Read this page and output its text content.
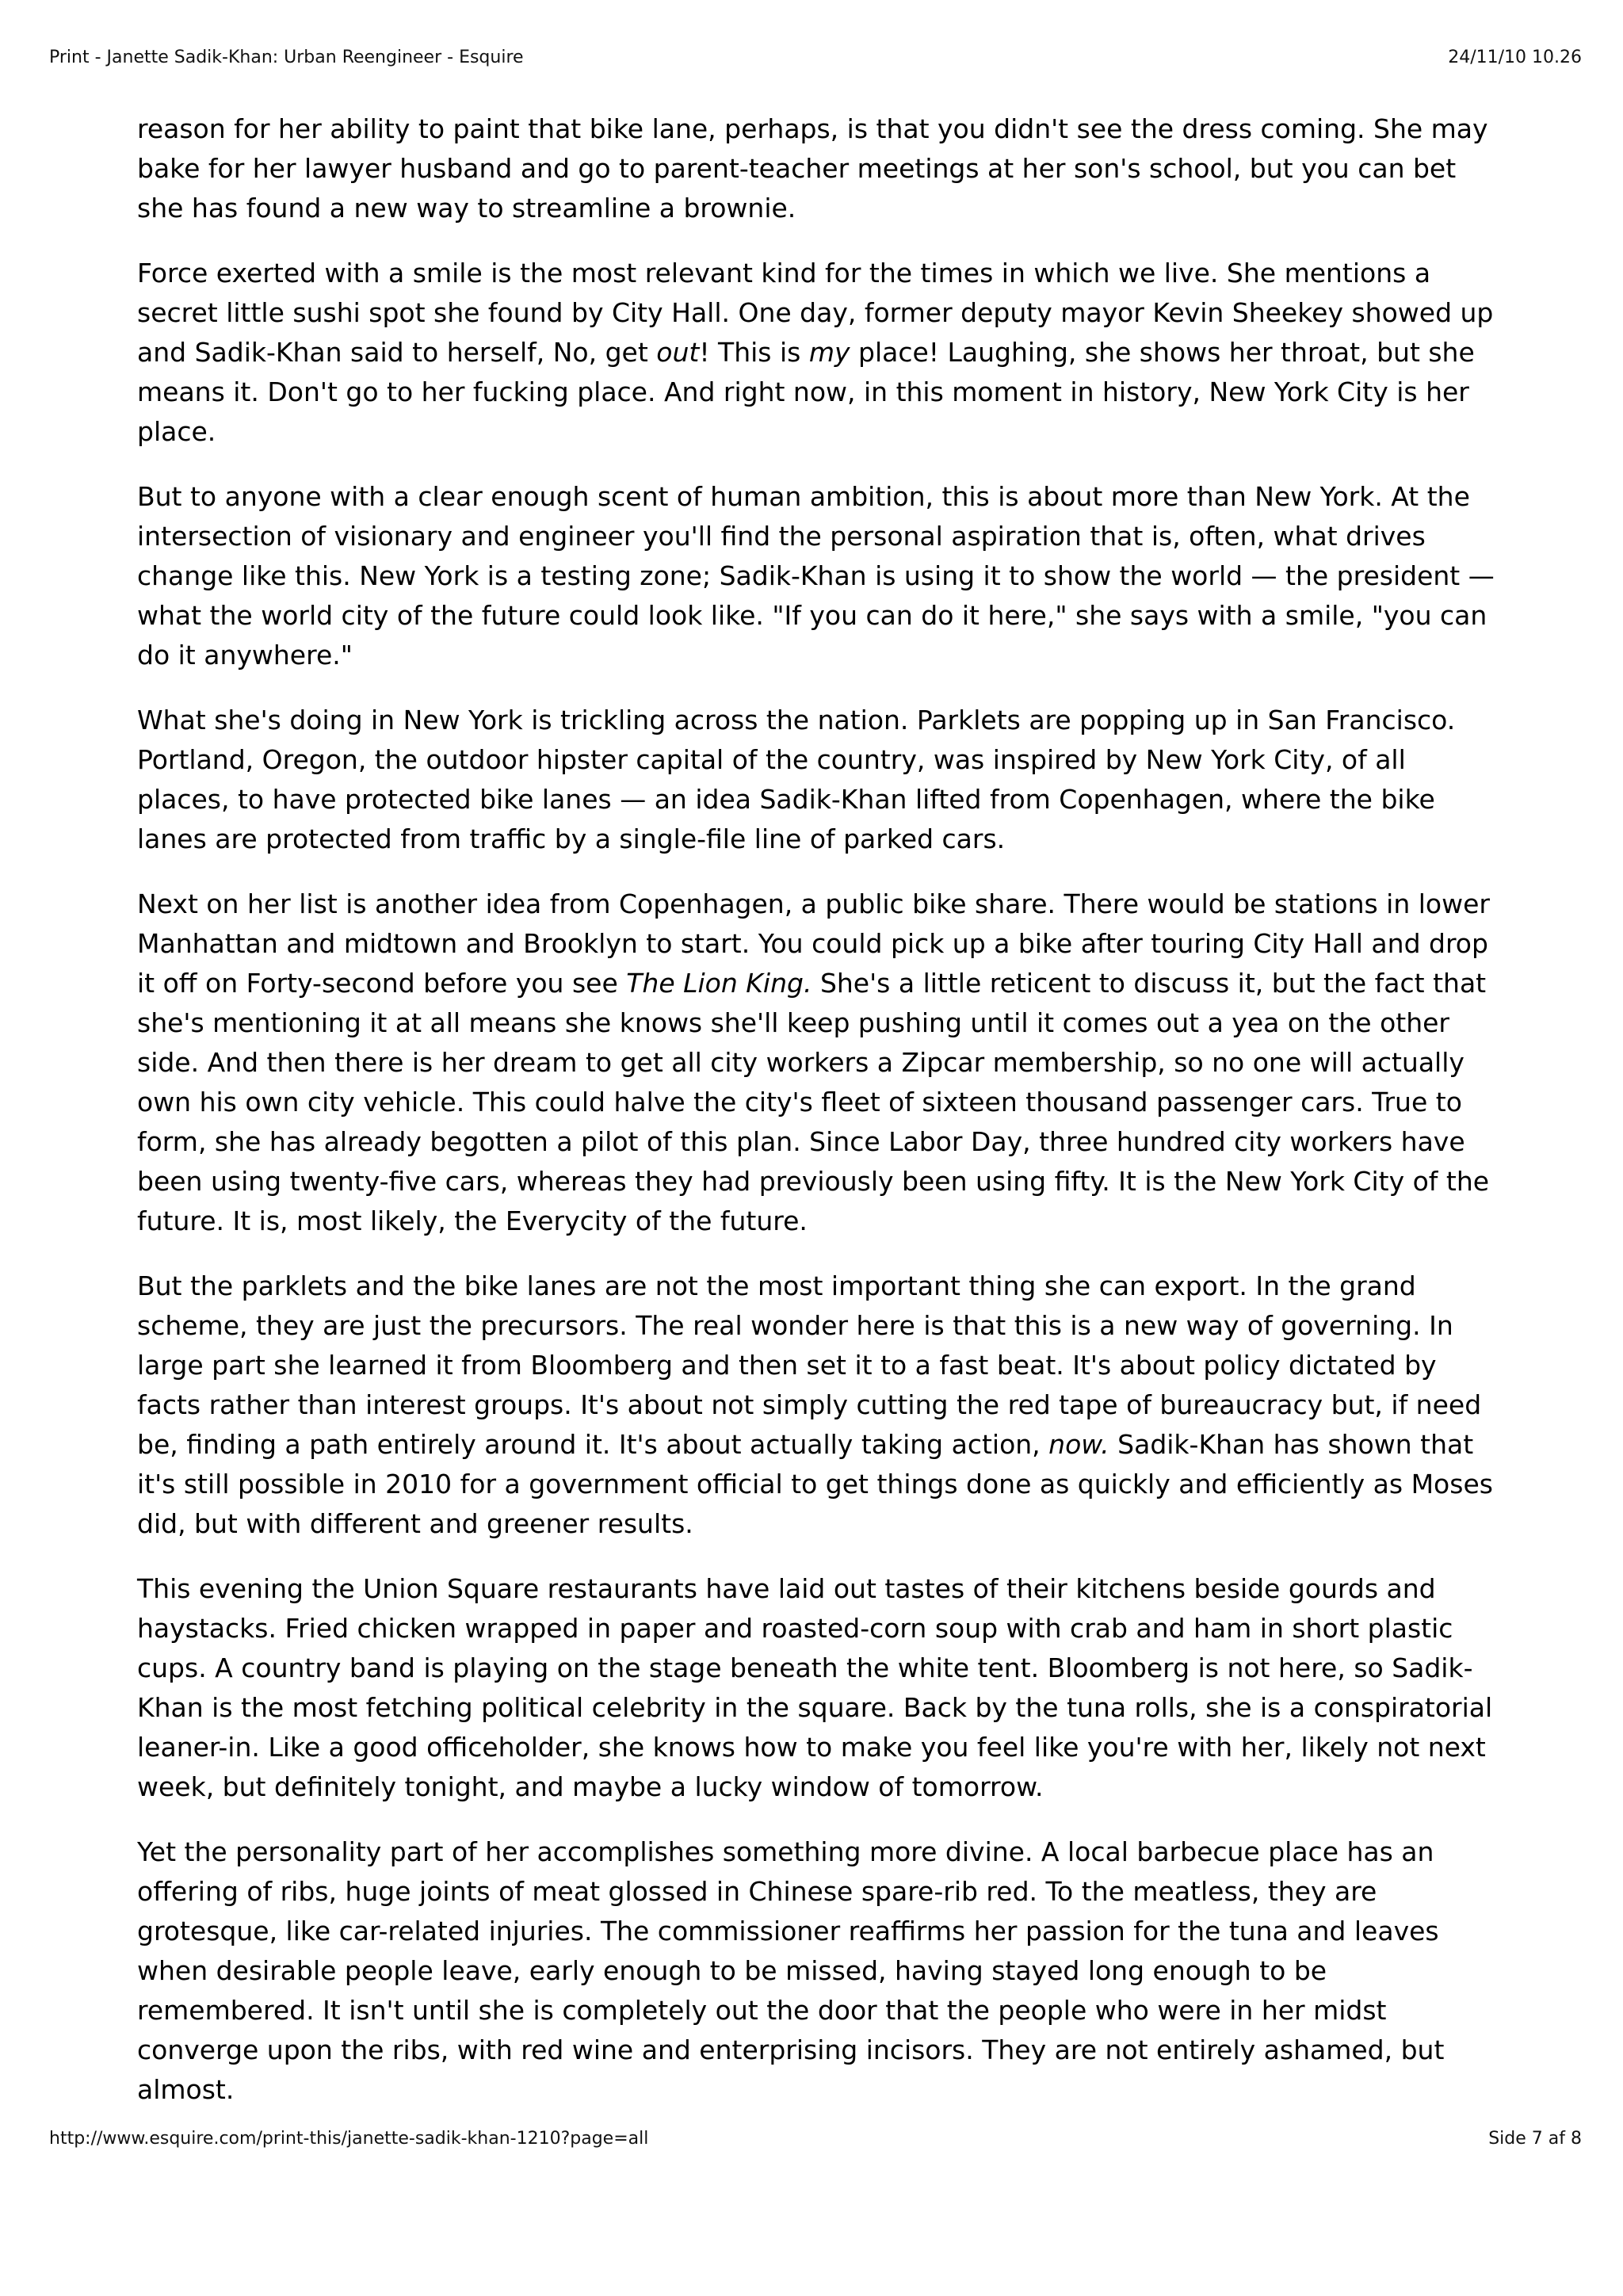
Print - Janette Sadik-Khan: Urban Reengineer - Esquire	24/11/10 10.26

reason for her ability to paint that bike lane, perhaps, is that you didn't see the dress coming. She may bake for her lawyer husband and go to parent-teacher meetings at her son's school, but you can bet she has found a new way to streamline a brownie.

Force exerted with a smile is the most relevant kind for the times in which we live. She mentions a secret little sushi spot she found by City Hall. One day, former deputy mayor Kevin Sheekey showed up and Sadik-Khan said to herself, No, get out! This is my place! Laughing, she shows her throat, but she means it. Don't go to her fucking place. And right now, in this moment in history, New York City is her place.

But to anyone with a clear enough scent of human ambition, this is about more than New York. At the intersection of visionary and engineer you'll find the personal aspiration that is, often, what drives change like this. New York is a testing zone; Sadik-Khan is using it to show the world — the president — what the world city of the future could look like. "If you can do it here," she says with a smile, "you can do it anywhere."

What she's doing in New York is trickling across the nation. Parklets are popping up in San Francisco. Portland, Oregon, the outdoor hipster capital of the country, was inspired by New York City, of all places, to have protected bike lanes — an idea Sadik-Khan lifted from Copenhagen, where the bike lanes are protected from traffic by a single-file line of parked cars.

Next on her list is another idea from Copenhagen, a public bike share. There would be stations in lower Manhattan and midtown and Brooklyn to start. You could pick up a bike after touring City Hall and drop it off on Forty-second before you see The Lion King. She's a little reticent to discuss it, but the fact that she's mentioning it at all means she knows she'll keep pushing until it comes out a yea on the other side. And then there is her dream to get all city workers a Zipcar membership, so no one will actually own his own city vehicle. This could halve the city's fleet of sixteen thousand passenger cars. True to form, she has already begotten a pilot of this plan. Since Labor Day, three hundred city workers have been using twenty-five cars, whereas they had previously been using fifty. It is the New York City of the future. It is, most likely, the Everycity of the future.

But the parklets and the bike lanes are not the most important thing she can export. In the grand scheme, they are just the precursors. The real wonder here is that this is a new way of governing. In large part she learned it from Bloomberg and then set it to a fast beat. It's about policy dictated by facts rather than interest groups. It's about not simply cutting the red tape of bureaucracy but, if need be, finding a path entirely around it. It's about actually taking action, now. Sadik-Khan has shown that it's still possible in 2010 for a government official to get things done as quickly and efficiently as Moses did, but with different and greener results.

This evening the Union Square restaurants have laid out tastes of their kitchens beside gourds and haystacks. Fried chicken wrapped in paper and roasted-corn soup with crab and ham in short plastic cups. A country band is playing on the stage beneath the white tent. Bloomberg is not here, so Sadik-Khan is the most fetching political celebrity in the square. Back by the tuna rolls, she is a conspiratorial leaner-in. Like a good officeholder, she knows how to make you feel like you're with her, likely not next week, but definitely tonight, and maybe a lucky window of tomorrow.

Yet the personality part of her accomplishes something more divine. A local barbecue place has an offering of ribs, huge joints of meat glossed in Chinese spare-rib red. To the meatless, they are grotesque, like car-related injuries. The commissioner reaffirms her passion for the tuna and leaves when desirable people leave, early enough to be missed, having stayed long enough to be remembered. It isn't until she is completely out the door that the people who were in her midst converge upon the ribs, with red wine and enterprising incisors. They are not entirely ashamed, but almost.

http://www.esquire.com/print-this/janette-sadik-khan-1210?page=all	Side 7 af 8
